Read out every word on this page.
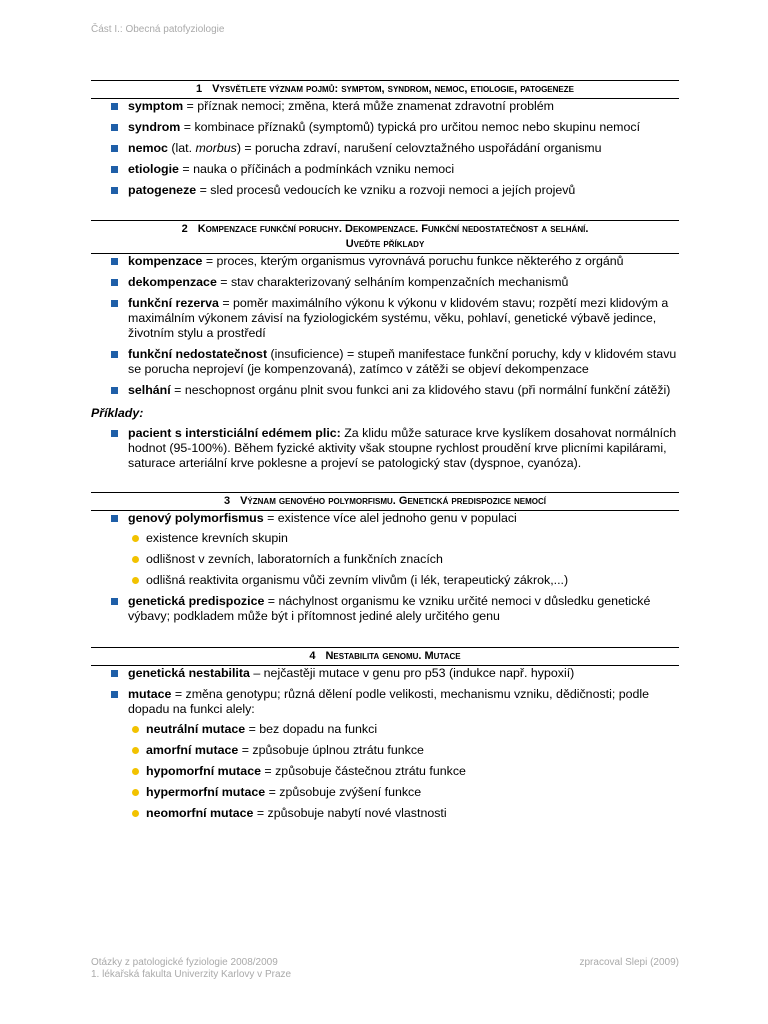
Část I.: Obecná patofyziologie
1 Vysvětlete význam pojmů: symptom, syndrom, nemoc, etiologie, patogeneze
symptom = příznak nemoci; změna, která může znamenat zdravotní problém
syndrom = kombinace příznaků (symptomů) typická pro určitou nemoc nebo skupinu nemocí
nemoc (lat. morbus) = porucha zdraví, narušení celovztažného uspořádání organismu
etiologie = nauka o příčinách a podmínkách vzniku nemoci
patogeneze = sled procesů vedoucích ke vzniku a rozvoji nemoci a jejích projevů
2 Kompenzace funkční poruchy. Dekompenzace. Funkční nedostatečnost a selhání.
Uveďte příklady
kompenzace = proces, kterým organismus vyrovnává poruchu funkce některého z orgánů
dekompenzace = stav charakterizovaný selháním kompenzačních mechanismů
funkční rezerva = poměr maximálního výkonu k výkonu v klidovém stavu; rozpětí mezi klidovým a maximálním výkonem závisí na fyziologickém systému, věku, pohlaví, genetické výbavě jedince, životním stylu a prostředí
funkční nedostatečnost (insuficience) = stupeň manifestace funkční poruchy, kdy v klidovém stavu se porucha neprojeví (je kompenzovaná), zatímco v zátěži se objeví dekompenzace
selhání = neschopnost orgánu plnit svou funkci ani za klidového stavu (při normální funkční zátěži)
Příklady:
pacient s intersticiální edémem plic: Za klidu může saturace krve kyslíkem dosahovat normálních hodnot (95-100%). Během fyzické aktivity však stoupne rychlost proudění krve plicními kapilárami, saturace arteriální krve poklesne a projeví se patologický stav (dyspnoe, cyanóza).
3 Význam genového polymorfismu. Genetická predispozice nemocí
genový polymorfismus = existence více alel jednoho genu v populaci
existence krevních skupin
odlišnost v zevních, laboratorních a funkčních znacích
odlišná reaktivita organismu vůči zevním vlivům (i lék, terapeutický zákrok,...)
genetická predispozice = náchylnost organismu ke vzniku určité nemoci v důsledku genetické výbavy; podkladem může být i přítomnost jediné alely určitého genu
4 Nestabilita genomu. Mutace
genetická nestabilita – nejčastěji mutace v genu pro p53 (indukce např. hypoxií)
mutace = změna genotypu; různá dělení podle velikosti, mechanismu vzniku, dědičnosti; podle dopadu na funkci alely:
neutrální mutace = bez dopadu na funkci
amorfní mutace = způsobuje úplnou ztrátu funkce
hypomorfní mutace = způsobuje částečnou ztrátu funkce
hypermorfní mutace = způsobuje zvýšení funkce
neomorfní mutace = způsobuje nabytí nové vlastnosti
Otázky z patologické fyziologie 2008/2009
1. lékařská fakulta Univerzity Karlovy v Praze
zpracoval Slepi (2009)
